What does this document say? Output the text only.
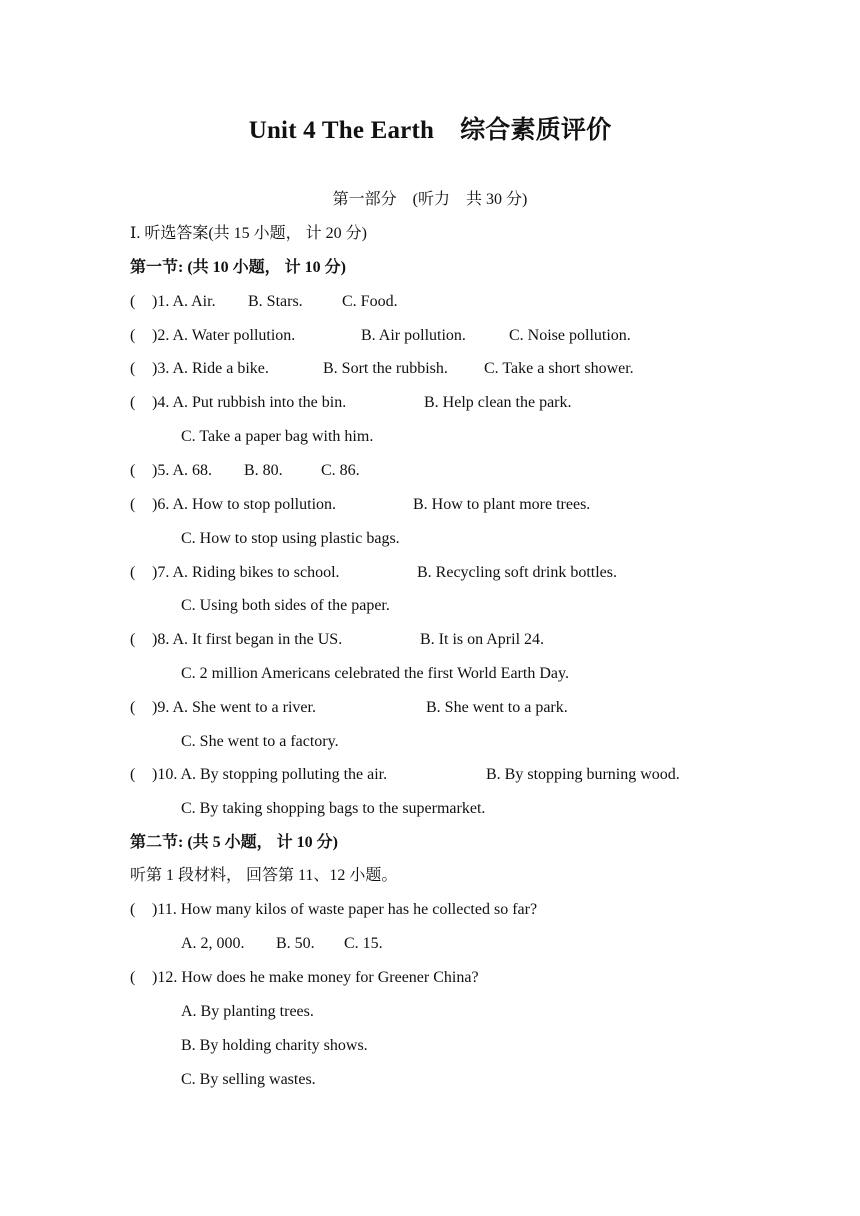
Unit 4 The Earth 综合素质评价
第一部分 (听力　共 30 分)
Ⅰ. 听选答案(共 15 小题， 计 20 分)
第一节: (共 10 小题， 计 10 分)
( )1. A. Air. B. Stars. C. Food.
( )2. A. Water pollution.	B. Air pollution.	C. Noise pollution.
( )3. A. Ride a bike.	B. Sort the rubbish. C. Take a short shower.
( )4. A. Put rubbish into the bin.	B. Help clean the park.
C. Take a paper bag with him.
( )5. A. 68. B. 80. C. 86.
( )6. A. How to stop pollution.	B. How to plant more trees.
C. How to stop using plastic bags.
( )7. A. Riding bikes to school.	B. Recycling soft drink bottles.
C. Using both sides of the paper.
( )8. A. It first began in the US.	B. It is on April 24.
C. 2 million Americans celebrated the first World Earth Day.
( )9. A. She went to a river.	B. She went to a park.
C. She went to a factory.
( )10. A. By stopping polluting the air.	B. By stopping burning wood.
C. By taking shopping bags to the supermarket.
第二节: (共 5 小题， 计 10 分)
听第 1 段材料， 回答第 11、12 小题。
( )11. How many kilos of waste paper has he collected so far?
A. 2, 000. B. 50. C. 15.
( )12. How does he make money for Greener China?
A. By planting trees.
B. By holding charity shows.
C. By selling wastes.
